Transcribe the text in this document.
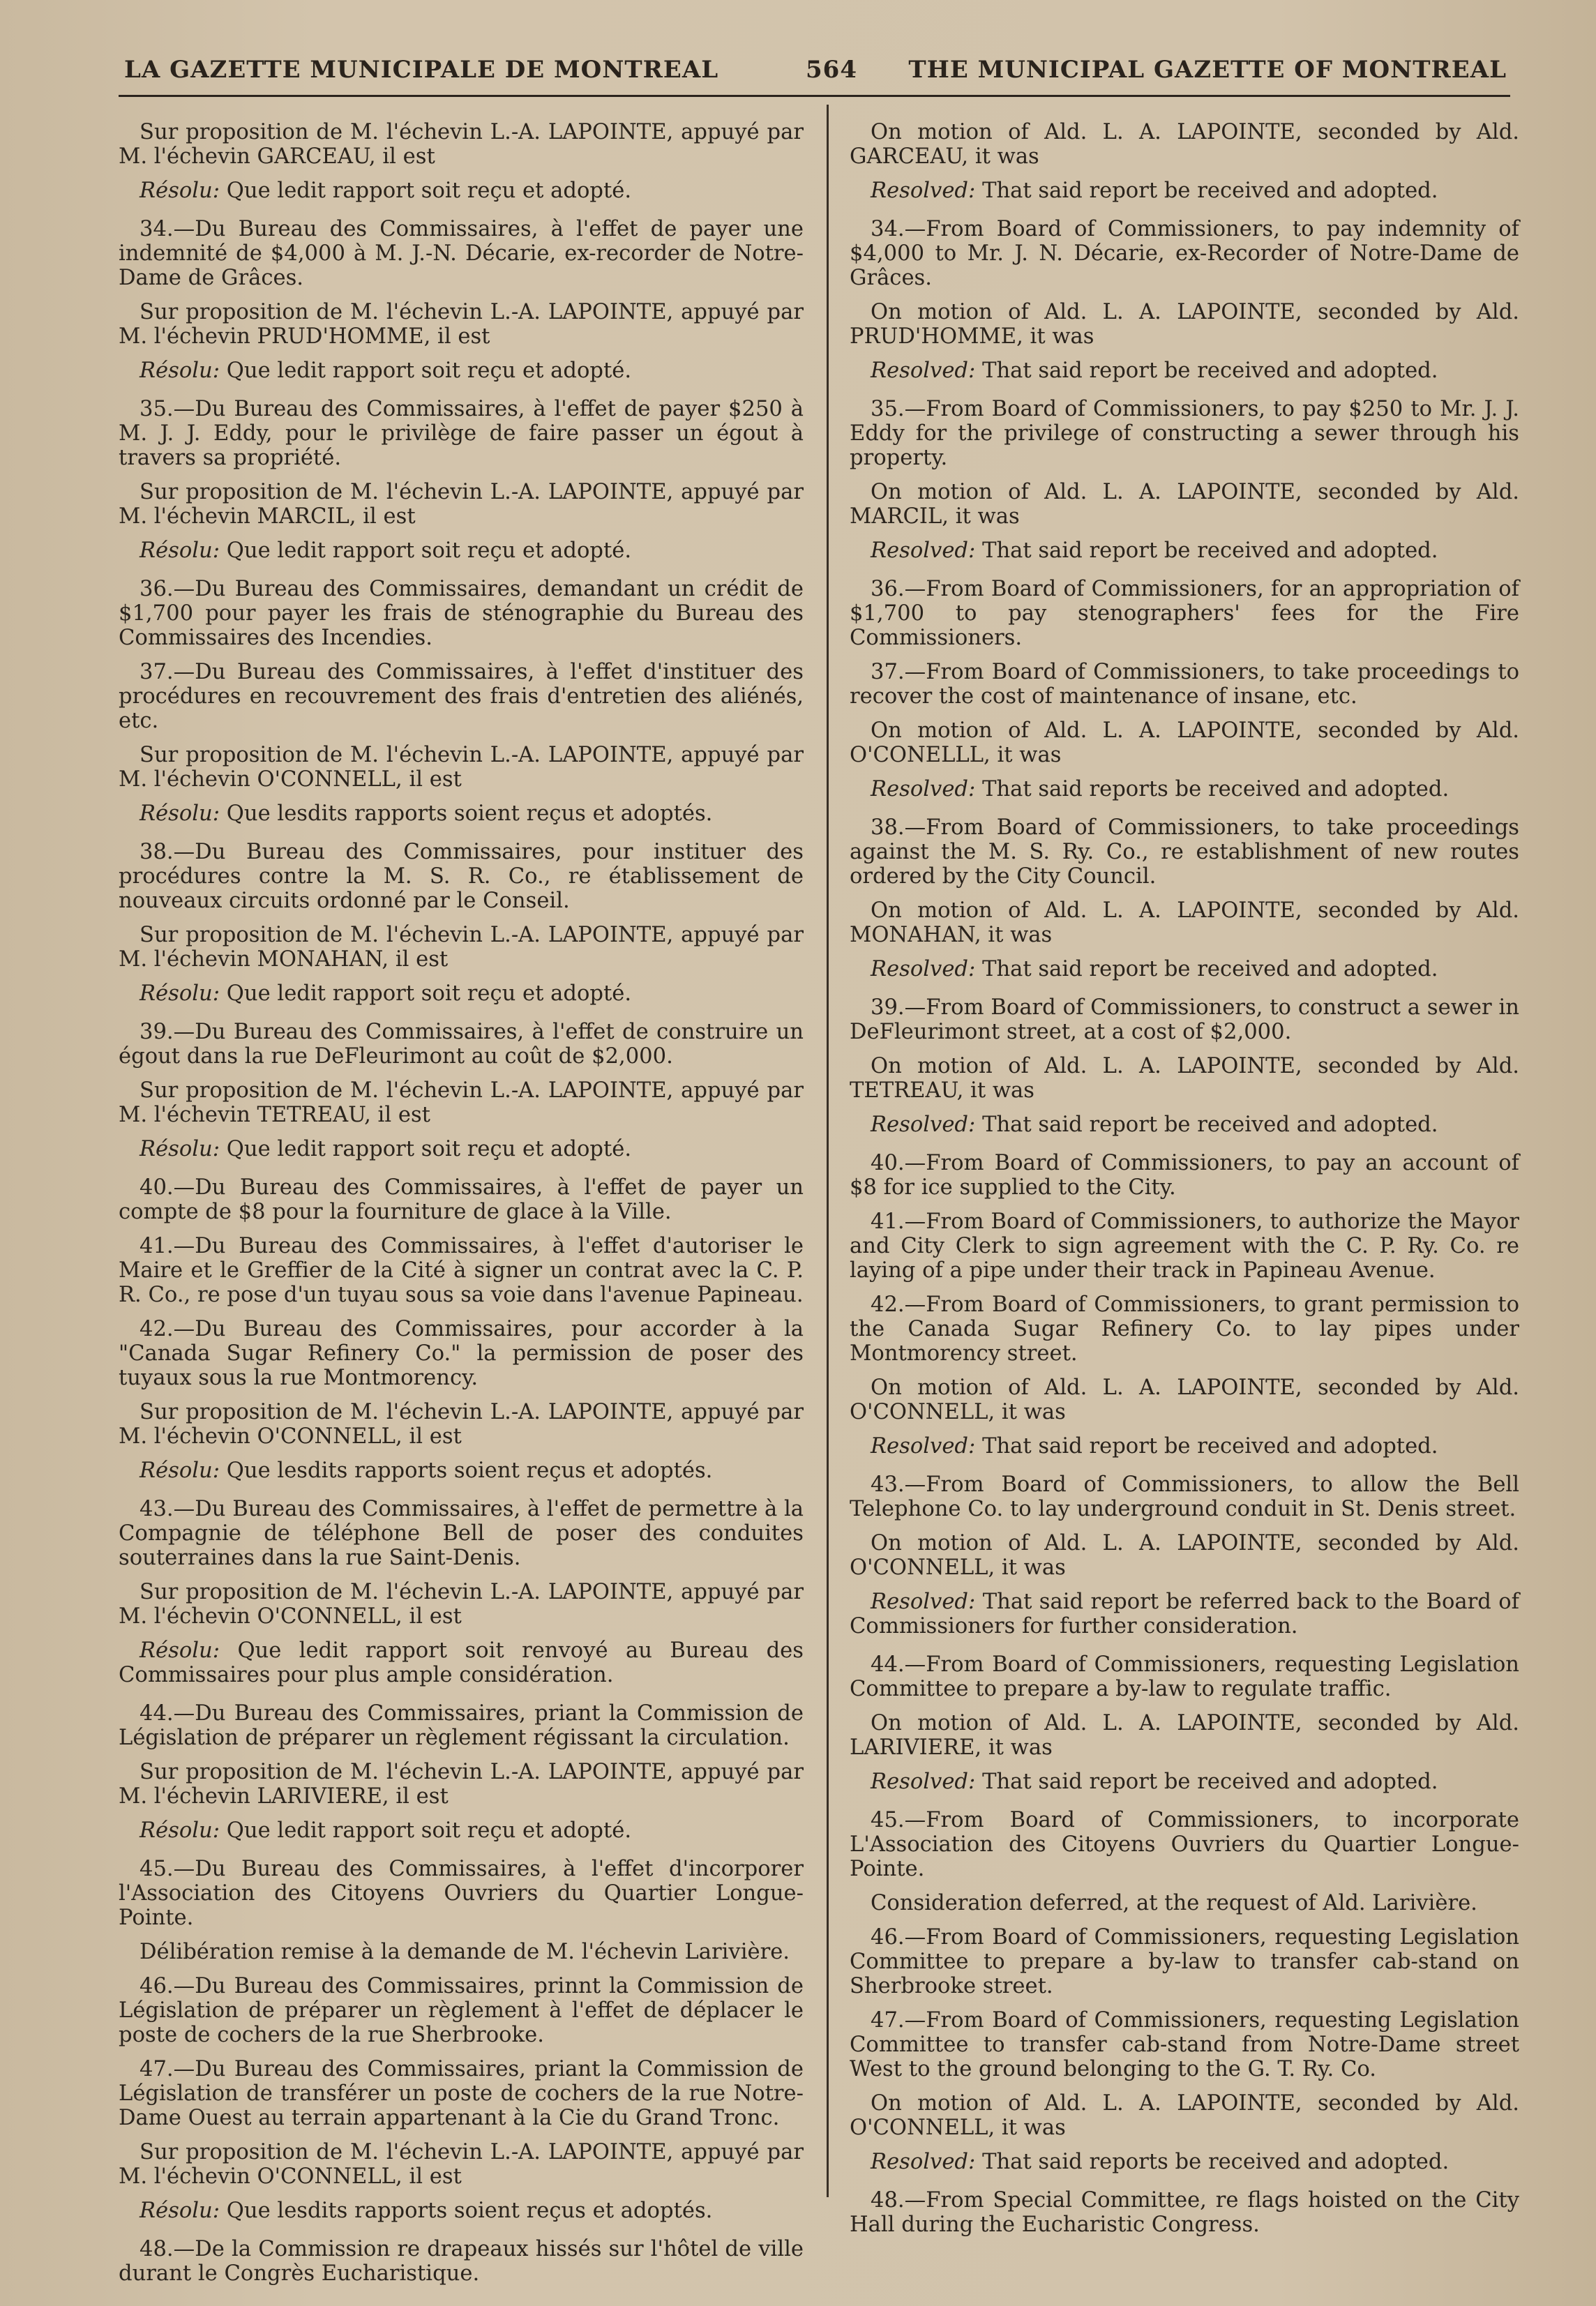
LA GAZETTE MUNICIPALE DE MONTREAL	564 THE MUNICIPAL GAZETTE OF MONTREAL

Sur proposition de M. l'échevin L.-A. LAPOINTE, appuyé par M. l'échevin GARCEAU, il est

Résolu: Que ledit rapport soit reçu et adopté.

34.—Du Bureau des Commissaires, à l'effet de payer une indemnité de $4,000 à M. J.-N. Décarie, ex-recorder de Notre-Dame de Grâces.

Sur proposition de M. l'échevin L.-A. LAPOINTE, appuyé par M. l'échevin PRUD'HOMME, il est

Résolu: Que ledit rapport soit reçu et adopté.

35.—Du Bureau des Commissaires, à l'effet de payer $250 à M. J. J. Eddy, pour le privilège de faire passer un égout à travers sa propriété.

Sur proposition de M. l'échevin L.-A. LAPOINTE, appuyé par M. l'échevin MARCIL, il est

Résolu: Que ledit rapport soit reçu et adopté.

36.—Du Bureau des Commissaires, demandant un crédit de $1,700 pour payer les frais de sténographie du Bureau des Commissaires des Incendies.

37.—Du Bureau des Commissaires, à l'effet d'instituer des procédures en recouvrement des frais d'entretien des aliénés, etc.

Sur proposition de M. l'échevin L.-A. LAPOINTE, appuyé par M. l'échevin O'CONNELL, il est

Résolu: Que lesdits rapports soient reçus et adoptés.

38.—Du Bureau des Commissaires, pour instituer des procédures contre la M. S. R. Co., re établissement de nouveaux circuits ordonné par le Conseil.

Sur proposition de M. l'échevin L.-A. LAPOINTE, appuyé par M. l'échevin MONAHAN, il est

Résolu: Que ledit rapport soit reçu et adopté.

39.—Du Bureau des Commissaires, à l'effet de construire un égout dans la rue DeFleurimont au coût de $2,000.

Sur proposition de M. l'échevin L.-A. LAPOINTE, appuyé par M. l'échevin TETREAU, il est

Résolu: Que ledit rapport soit reçu et adopté.

40.—Du Bureau des Commissaires, à l'effet de payer un compte de $8 pour la fourniture de glace à la Ville.

41.—Du Bureau des Commissaires, à l'effet d'autoriser le Maire et le Greffier de la Cité à signer un contrat avec la C. P. R. Co., re pose d'un tuyau sous sa voie dans l'avenue Papineau.

42.—Du Bureau des Commissaires, pour accorder à la "Canada Sugar Refinery Co." la permission de poser des tuyaux sous la rue Montmorency.

Sur proposition de M. l'échevin L.-A. LAPOINTE, appuyé par M. l'échevin O'CONNELL, il est

Résolu: Que lesdits rapports soient reçus et adoptés.

43.—Du Bureau des Commissaires, à l'effet de permettre à la Compagnie de téléphone Bell de poser des conduites souterraines dans la rue Saint-Denis.

Sur proposition de M. l'échevin L.-A. LAPOINTE, appuyé par M. l'échevin O'CONNELL, il est

Résolu: Que ledit rapport soit renvoyé au Bureau des Commissaires pour plus ample considération.

44.—Du Bureau des Commissaires, priant la Commission de Législation de préparer un règlement régissant la circulation.

Sur proposition de M. l'échevin L.-A. LAPOINTE, appuyé par M. l'échevin LARIVIERE, il est

Résolu: Que ledit rapport soit reçu et adopté.

45.—Du Bureau des Commissaires, à l'effet d'incorporer l'Association des Citoyens Ouvriers du Quartier Longue-Pointe.

Délibération remise à la demande de M. l'échevin Larivière.

46.—Du Bureau des Commissaires, prinnt la Commission de Législation de préparer un règlement à l'effet de déplacer le poste de cochers de la rue Sherbrooke.

47.—Du Bureau des Commissaires, priant la Commission de Législation de transférer un poste de cochers de la rue Notre-Dame Ouest au terrain appartenant à la Cie du Grand Tronc.

Sur proposition de M. l'échevin L.-A. LAPOINTE, appuyé par M. l'échevin O'CONNELL, il est

Résolu: Que lesdits rapports soient reçus et adoptés.

48.—De la Commission re drapeaux hissés sur l'hôtel de ville durant le Congrès Eucharistique.

On motion of Ald. L. A. LAPOINTE, seconded by Ald. GARCEAU, it was

Resolved: That said report be received and adopted.

34.—From Board of Commissioners, to pay indemnity of $4,000 to Mr. J. N. Décarie, ex-Recorder of Notre-Dame de Grâces.

On motion of Ald. L. A. LAPOINTE, seconded by Ald. PRUD'HOMME, it was

Resolved: That said report be received and adopted.

35.—From Board of Commissioners, to pay $250 to Mr. J. J. Eddy for the privilege of constructing a sewer through his property.

On motion of Ald. L. A. LAPOINTE, seconded by Ald. MARCIL, it was

Resolved: That said report be received and adopted.

36.—From Board of Commissioners, for an appropriation of $1,700 to pay stenographers' fees for the Fire Commissioners.

37.—From Board of Commissioners, to take proceedings to recover the cost of maintenance of insane, etc.

On motion of Ald. L. A. LAPOINTE, seconded by Ald. O'CONELLL, it was

Resolved: That said reports be received and adopted.

38.—From Board of Commissioners, to take proceedings against the M. S. Ry. Co., re establishment of new routes ordered by the City Council.

On motion of Ald. L. A. LAPOINTE, seconded by Ald. MONAHAN, it was

Resolved: That said report be received and adopted.

39.—From Board of Commissioners, to construct a sewer in DeFleurimont street, at a cost of $2,000.

On motion of Ald. L. A. LAPOINTE, seconded by Ald. TETREAU, it was

Resolved: That said report be received and adopted.

40.—From Board of Commissioners, to pay an account of $8 for ice supplied to the City.

41.—From Board of Commissioners, to authorize the Mayor and City Clerk to sign agreement with the C. P. Ry. Co. re laying of a pipe under their track in Papineau Avenue.

42.—From Board of Commissioners, to grant permission to the Canada Sugar Refinery Co. to lay pipes under Montmorency street.

On motion of Ald. L. A. LAPOINTE, seconded by Ald. O'CONNELL, it was

Resolved: That said report be received and adopted.

43.—From Board of Commissioners, to allow the Bell Telephone Co. to lay underground conduit in St. Denis street.

On motion of Ald. L. A. LAPOINTE, seconded by Ald. O'CONNELL, it was

Resolved: That said report be referred back to the Board of Commissioners for further consideration.

44.—From Board of Commissioners, requesting Legislation Committee to prepare a by-law to regulate traffic.

On motion of Ald. L. A. LAPOINTE, seconded by Ald. LARIVIERE, it was

Resolved: That said report be received and adopted.

45.—From Board of Commissioners, to incorporate L'Association des Citoyens Ouvriers du Quartier Longue-Pointe.

Consideration deferred, at the request of Ald. Larivière.

46.—From Board of Commissioners, requesting Legislation Committee to prepare a by-law to transfer cab-stand on Sherbrooke street.

47.—From Board of Commissioners, requesting Legislation Committee to transfer cab-stand from Notre-Dame street West to the ground belonging to the G. T. Ry. Co.

On motion of Ald. L. A. LAPOINTE, seconded by Ald. O'CONNELL, it was

Resolved: That said reports be received and adopted.

48.—From Special Committee, re flags hoisted on the City Hall during the Eucharistic Congress.
